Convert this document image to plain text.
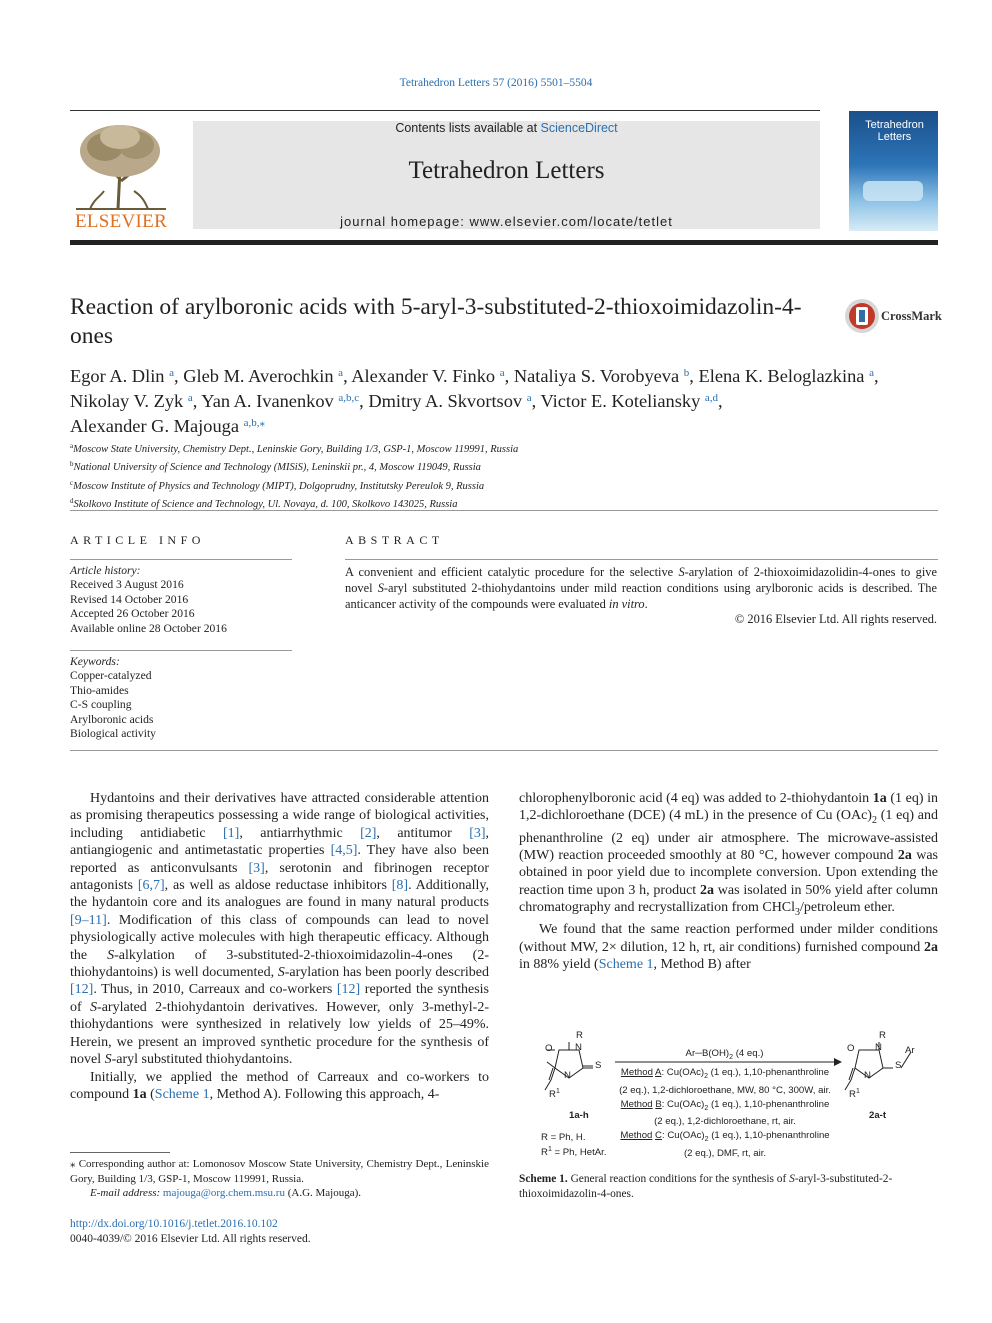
Tetrahedron Letters 57 (2016) 5501–5504
ELSEVIER
Contents lists available at ScienceDirect
Tetrahedron Letters
journal homepage: www.elsevier.com/locate/tetlet
Tetrahedron
Letters
Reaction of arylboronic acids with 5-aryl-3-substituted-2-thioxoimidazolin-4-ones
CrossMark
Egor A. Dlin $^a$, Gleb M. Averochkin $^a$, Alexander V. Finko $^a$, Nataliya S. Vorobyeva $^b$, Elena K. Beloglazkina $^a$,
Nikolay V. Zyk $^a$, Yan A. Ivanenkov $^{a,b,c}$, Dmitry A. Skvortsov $^a$, Victor E. Koteliansky $^{a,d}$,
Alexander G. Majouga $^{a,b,⁎}$
$^a$Moscow State University, Chemistry Dept., Leninskie Gory, Building 1/3, GSP-1, Moscow 119991, Russia
$^b$National University of Science and Technology (MISiS), Leninskii pr., 4, Moscow 119049, Russia
$^c$Moscow Institute of Physics and Technology (MIPT), Dolgoprudny, Institutsky Pereulok 9, Russia
$^d$Skolkovo Institute of Science and Technology, Ul. Novaya, d. 100, Skolkovo 143025, Russia
ARTICLE INFO
Article history:
Received 3 August 2016
Revised 14 October 2016
Accepted 26 October 2016
Available online 28 October 2016
Keywords:
Copper-catalyzed
Thio-amides
C-S coupling
Arylboronic acids
Biological activity
ABSTRACT
A convenient and efficient catalytic procedure for the selective S-arylation of 2-thioxoimidazolidin-4-ones to give novel S-aryl substituted 2-thiohydantoins under mild reaction conditions using arylboronic acids is described. The anticancer activity of the compounds were evaluated in vitro.
© 2016 Elsevier Ltd. All rights reserved.

Hydantoins and their derivatives have attracted considerable attention as promising therapeutics possessing a wide range of biological activities, including antidiabetic [1], antiarrhythmic [2], antitumor [3], antiangiogenic and antimetastatic properties [4,5]. They have also been reported as anticonvulsants [3], serotonin and fibrinogen receptor antagonists [6,7], as well as aldose reductase inhibitors [8]. Additionally, the hydantoin core and its analogues are found in many natural products [9–11]. Modification of this class of compounds can lead to novel physiologically active molecules with high therapeutic efficacy. Although the S-alkylation of 3-substituted-2-thioxoimidazolin-4-ones (2-thiohydantoins) is well documented, S-arylation has been poorly described [12]. Thus, in 2010, Carreaux and co-workers [12] reported the synthesis of S-arylated 2-thiohydantoin derivatives. However, only 3-methyl-2-thiohydantions were synthesized in relatively low yields of 25–49%. Herein, we present an improved synthetic procedure for the synthesis of novel S-aryl substituted thiohydantoins.

Initially, we applied the method of Carreaux and co-workers to compound 1a (Scheme 1, Method A). Following this approach, 4-

chlorophenylboronic acid (4 eq) was added to 2-thiohydantoin 1a (1 eq) in 1,2-dichloroethane (DCE) (4 mL) in the presence of Cu $(OAc)_2$ (1 eq) and phenanthroline (2 eq) under air atmosphere. The microwave-assisted (MW) reaction proceeded smoothly at 80 °C, however compound 2a was obtained in poor yield due to incomplete conversion. Upon extending the reaction time upon 3 h, product 2a was isolated in 50% yield after column chromatography and recrystallization from CHCl$_3$/petroleum ether.

We found that the same reaction performed under milder conditions (without MW, 2× dilution, 12 h, rt, air conditions) furnished compound 2a in 88% yield (Scheme 1, Method B) after

R
N
O
S
N
$R^1$
R
N
O
S
Ar
N
$R^1$
1a-h	2a-t
R = Ph, H.
$R^1 = Ph$, HetAr.
$Ar─B(OH)_2$ (4 eq.)
Method A: $Cu(OAc)_2$ (1 eq.), 1,10-phenanthroline
(2 eq.), 1,2-dichloroethane, MW, 80 °C, 300W, air.
Method B: $Cu(OAc)_2$ (1 eq.), 1,10-phenanthroline
(2 eq.), 1,2-dichloroethane, rt, air.
Method C: $Cu(OAc)_2$ (1 eq.), 1,10-phenanthroline
(2 eq.), DMF, rt, air.
Scheme 1. General reaction conditions for the synthesis of S-aryl-3-substituted-2-thioxoimidazolin-4-ones.
⁎ Corresponding author at: Lomonosov Moscow State University, Chemistry Dept., Leninskie Gory, Building 1/3, GSP-1, Moscow 119991, Russia.
E-mail address: majouga@org.chem.msu.ru (A.G. Majouga).
http://dx.doi.org/10.1016/j.tetlet.2016.10.102
0040-4039/© 2016 Elsevier Ltd. All rights reserved.
